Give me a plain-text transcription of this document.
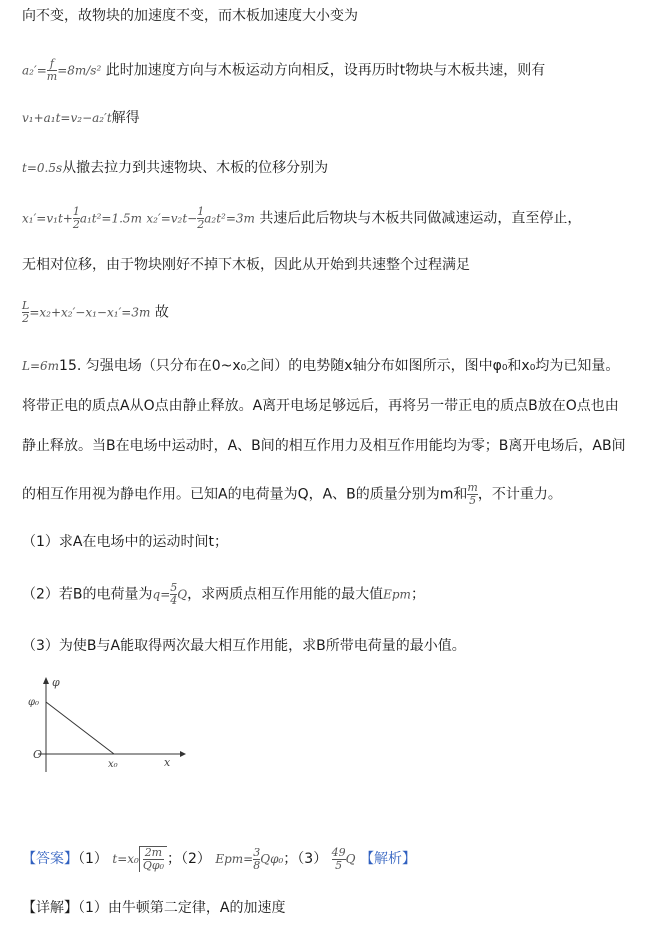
向不变，故物块的加速度不变，而木板加速度大小变为
$a_2'= \frac{f}{m} =8m/s^2$ 此时加速度方向与木板运动方向相反，设再历时t物块与木板共速，则有
v₁+a₁t=v₂−a₂′t解得
t=0.5s从撤去拉力到共速物块、木板的位移分别为
$x_1'=v_1t+ \frac{1}{2} a_1t^2=1.5m$ $x_2'=v_2t- \frac{1}{2} a_2t^2=3m$ 共速后此后物块与木板共同做减速运动，直至停止，
无相对位移，由于物块刚好不掉下木板，因此从开始到共速整个过程满足
$\frac{L}{2} =x_2+x_2'-x_1-x_1'=3m$ 故
L=6m15. 匀强电场（只分布在0~x₀之间）的电势随x轴分布如图所示，图中φ₀和x₀均为已知量。
将带正电的质点A从O点由静止释放。A离开电场足够远后，再将另一带正电的质点B放在O点也由
静止释放。当B在电场中运动时，A、B间的相互作用力及相互作用能均为零；B离开电场后，AB间
的相互作用视为静电作用。已知A的电荷量为Q，A、B的质量分别为m和 $\frac{m}{5}$ ，不计重力。
（1）求A在电场中的运动时间t；
（2）若B的电荷量为$q= \frac{5}{4}$ Q，求两质点相互作用能的最大值Epm；
（3）为使B与A能取得两次最大相互作用能，求B所带电荷量的最小值。
φ
φ₀
O
x₀	x
【答案】（1） $t=x_0 \frac{2m}{\text{Qφ₀}}$ ；（2） $Epm= \frac{3}{8} Q\varphi_0$；$(3) \frac{49}{5}$ Q 【解析】
【详解】（1）由牛顿第二定律，A的加速度
